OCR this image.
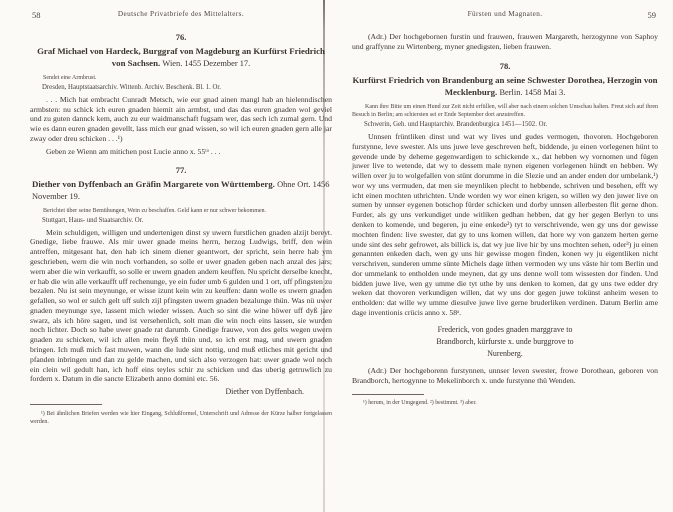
58	Deutsche Privatbriefe des Mittelalters.
76.

Graf Michael von Hardeck, Burggraf von Magdeburg an Kurfürst Friedrich von Sachsen. Wien. 1455 Dezember 17.

Sendet eine Armbrust.

Dresden, Hauptstaatsarchiv. Wittenb. Archiv. Beschenk. Bl. 1. Or.

. . . Mich hat embracht Cunradt Metsch, wie eur gnad ainen mangl hab an hielenndischen armbsten: nu schick ich euren gnaden hiemit ain armbst, und das das euren gnaden wol geviel und zu guten dannck kem, auch zu eur waidmanschaft fugsam wer, das sech ich zumal gern. Und wie es dann euren gnaden gevellt, lass mich eur gnad wissen, so wil ich euren gnaden gern alle jar zway oder dreu schicken . . .¹)

Geben ze Wienn am mitichen post Lucie anno x. 55ᵗᵒ . . .

77.

Diether von Dyffenbach an Gräfin Margarete von Württemberg. Ohne Ort. 1456 November 19.

Berichtet über seine Bemühungen, Wein zu beschaffen. Geld kann er nur schwer bekommen.

Stuttgart, Haus- und Staatsarchiv. Or.

Mein schuldigen, willigen und undertenigen dinst sy uwern furstlichen gnaden alzijt bereyt. Gnedige, liebe frauwe. Als mir uwer gnade meins herrn, herzog Ludwigs, briff, den wein antreffen, mitgesant hat, den hab ich sinem diener geantwort, der spricht, sein herre hab ym geschrieben, wern die win noch vorhanden, so solle er uwer gnaden geben nach anzal des jars; wern aber die win verkaufft, so solle er uwern gnaden andern keuffen. Nu spricht derselbe knecht, er hab die win alle verkaufft uff rechenunge, ye ein fuder umb 6 gulden und 1 ort, uff pfingsten zu bezalen. Nu ist sein meynunge, er wisse izunt kein win zu keuffen: dann wolle es uwern gnaden gefallen, so wol er sulch gelt uff sulch zijl pfingsten uwern gnaden bezalunge thün. Was nü uwer gnaden meynunge sye, lassent mich wieder wissen. Auch so sint die wine höwer uff dyß jare swarz, als ich höre sagen, und ist versehenlich, solt man die win noch eins lassen, sie wurden noch lichter. Doch so habe uwer gnade rat darumb. Gnedige frauwe, von des gelts wegen uwern gnaden zu schicken, wil ich allen mein fleyß thün und, so ich erst mag, und uwern gnaden bringen. Ich muß mich fast muwen, wann die lude sint nottig, und muß etliches mit gericht und pfanden inbringen und dan zu gelde machen, und sich also verzogen hat: uwer gnade wol noch ein clein wil gedult han, ich hoff eins teyles schir zu schicken und das uberig getruwlich zu fordern x. Datum in die sancte Elizabeth anno domini etc. 56.

Diether von Dyffenbach.

¹) Bei ähnlichen Briefen werden wie hier Eingang, Schlußformel, Unterschrift und Adresse der Kürze halber fortgelassen werden.

Fürsten und Magnaten.	59

(Adr.) Der hochgebornen furstin und frauwen, frauwen Margareth, herzogynne von Saphoy und graffynne zu Wirtenberg, myner gnedigsten, lieben frauwen.

78.

Kurfürst Friedrich von Brandenburg an seine Schwester Dorothea, Herzogin von Mecklenburg. Berlin. 1458 Mai 3.

Kann ihre Bitte um einen Hund zur Zeit nicht erfüllen, will aber nach einem solchen Umschau halten. Freut sich auf ihren Besuch in Berlin; am schiersten sei er Ende September dort anzutreffen.

Schwerin, Geh. und Hauptarchiv. Brandenburgica 1451—1502. Or.

Unnsen früntliken dinst und wat wy lives und gudes vermogen, thovoren. Hochgeboren furstynne, leve swester. Als uns juwe leve geschreven heft, biddende, ju einen vorlegenen hünt to gevende unde by deheme gegenwardigen to schickende x., dat hebben wy vornomen und fügen juwer live to wetende, dat wy to dessem male nynen eigenen vorlegenen hündt en hebben. Wy willen over ju to wolgefallen von stünt dorumme in die Slezie und an ander enden dor umbelank,¹) wor wy uns vermuden, dat men sie meynliken plecht to hebbende, schriven und besehen, efft wy icht einen mochten uthrichten. Unde worden wy wor einen krigen, so willen wy den juwer live on sumen by unnser eygenen botschop fürder schicken und dorby unnsen allerbesten flit gerne dhon. Furder, als gy uns verkundiget unde witliken gedhan hebben, dat gy her gegen Berlyn to uns denken to komende, und begeren, ju eine enkede²) tyt to verschrivende, wen gy uns dor gewisse mochten finden: live swester, dat gy to uns komen willen, dat hore wy von ganzem herten gerne unde sint des sehr gefrowet, als billick is, dat wy jue live hir by uns mochten sehen, oder³) ju einen genannten enkeden dach, wen gy uns hir gewisse mogen finden, konen wy ju eigentliken nicht verschriven, sunderen umme sünte Michels dage üthen vermoden wy uns väste hir tom Berlin und dor ummelank to entholden unde meynen, dat gy uns denne woll tom wissesten dor finden. Und bidden juwe live, wen gy umme die tyt uthe by uns denken to komen, dat gy uns twe edder dry weken dat thovoren verkundigen willen, dat wy uns dor gegen juwe tokünst anheim wesen to entholden: dat wille wy umme diesulve juwe live gerne bruderliken verdinen. Datum Berlin ame dage inventionis crücis anno x. 58ᵃ.

Frederick, von godes gnaden marggrave to
Brandborch, kürfurste x. unde burggrove to
Nurenberg.

(Adr.) Der hochgeborenn furstynnen, unnser leven swester, frowe Dorothean, geboren von Brandborch, hertogynne to Mekelinborch x. unde furstynne thü Wenden.

¹) herum, in der Umgegend. ²) bestimmt. ³) aber.
